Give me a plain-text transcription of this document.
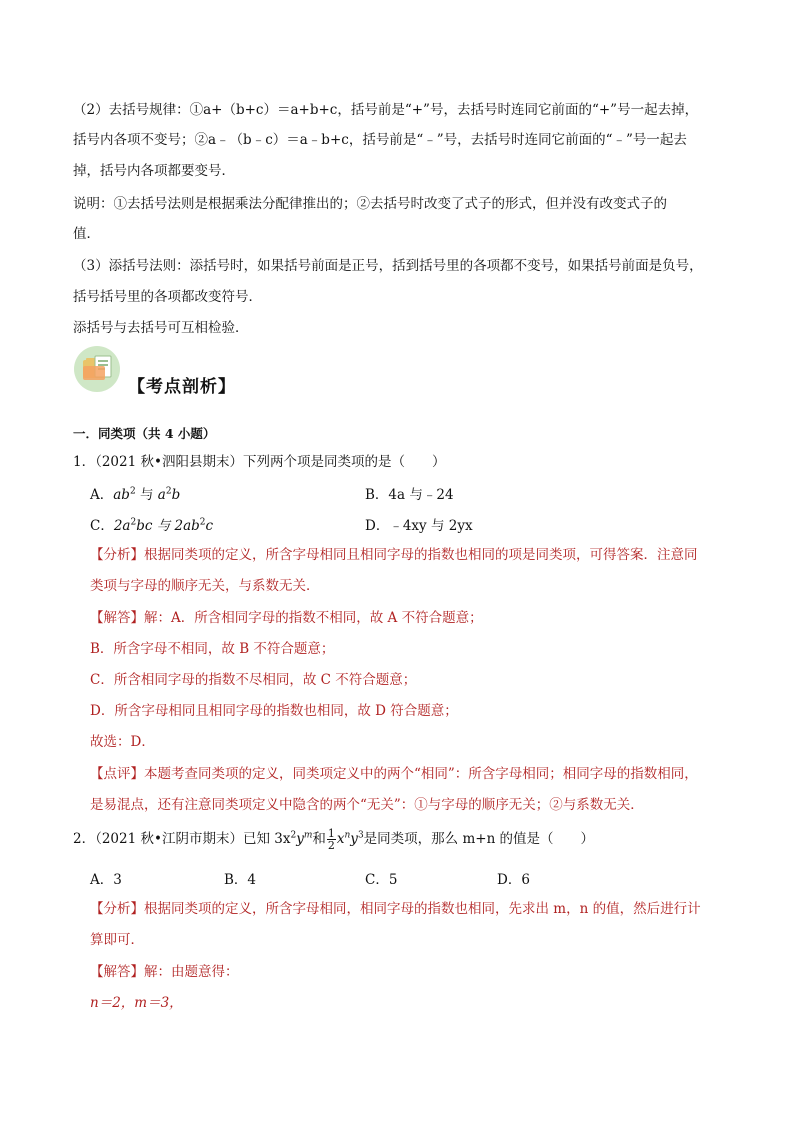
（2）去括号规律：①a+（b+c）＝a+b+c，括号前是“+”号，去括号时连同它前面的“+”号一起去掉，
括号内各项不变号；②a﹣（b﹣c）＝a﹣b+c，括号前是“﹣”号，去括号时连同它前面的“﹣”号一起去
掉，括号内各项都要变号．
说明：①去括号法则是根据乘法分配律推出的；②去括号时改变了式子的形式，但并没有改变式子的
值．
（3）添括号法则：添括号时，如果括号前面是正号，括到括号里的各项都不变号，如果括号前面是负号，
括号括号里的各项都改变符号．
添括号与去括号可互相检验．
【考点剖析】
一．同类项（共 4 小题）
1．（2021 秋•泗阳县期末）下列两个项是同类项的是（　　）
A．$ab^2$ 与 $a^2b$	B．4a 与﹣24
C．$2a^2bc$ 与 $2ab^2c$	D．﹣4xy 与 2yx
【分析】根据同类项的定义，所含字母相同且相同字母的指数也相同的项是同类项，可得答案．注意同
类项与字母的顺序无关，与系数无关．
【解答】解：A．所含相同字母的指数不相同，故 A 不符合题意；
B．所含字母不相同，故 B 不符合题意；
C．所含相同字母的指数不尽相同，故 C 不符合题意；
D．所含字母相同且相同字母的指数也相同，故 D 符合题意；
故选：D．
【点评】本题考查同类项的定义，同类项定义中的两个“相同”：所含字母相同；相同字母的指数相同，
是易混点，还有注意同类项定义中隐含的两个“无关”：①与字母的顺序无关；②与系数无关．
2．（2021 秋•江阴市期末）已知 $3x^2y^m$和 $\frac{1}{2} x^ny^3$是同类项，那么 m+n 的值是（　　）
A．3	B．4	C．5	D．6
【分析】根据同类项的定义，所含字母相同，相同字母的指数也相同，先求出 m，n 的值，然后进行计
算即可．
【解答】解：由题意得：
n＝2，m＝3，
